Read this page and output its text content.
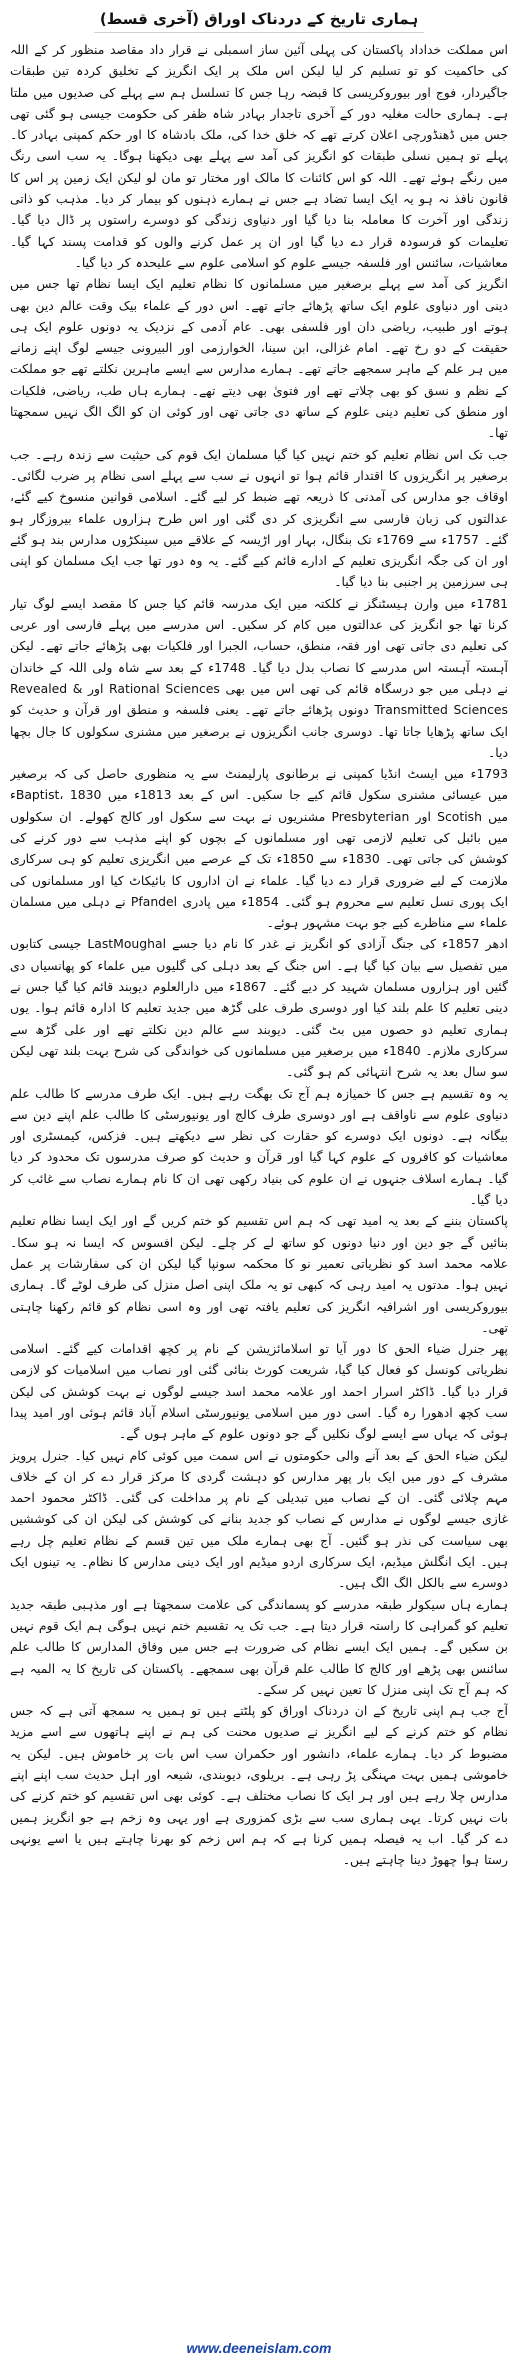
ہماری تاریخ کے دردناک اوراق (آخری قسط)

اس مملکت خداداد پاکستان کی پہلی آئین ساز اسمبلی نے قرار داد مقاصد منظور کر کے اللہ کی حاکمیت کو تو تسلیم کر لیا لیکن اس ملک پر ایک انگریز کے تخلیق کردہ تین طبقات جاگیردار، فوج اور بیوروکریسی کا قبضہ رہا جس کا تسلسل ہم سے پہلے کی صدیوں میں ملتا ہے۔ ہماری حالت مغلیہ دور کے آخری تاجدار بہادر شاہ ظفر کی حکومت جیسی ہو گئی تھی جس میں ڈھنڈورچی اعلان کرتے تھے کہ خلق خدا کی، ملک بادشاہ کا اور حکم کمپنی بہادر کا۔ پہلے تو ہمیں نسلی طبقات کو انگریز کی آمد سے پہلے بھی دیکھنا ہوگا۔ یہ سب اسی رنگ میں رنگے ہوئے تھے۔ اللہ کو اس کائنات کا مالک اور مختار تو مان لو لیکن ایک زمین پر اس کا قانون نافذ نہ ہو یہ ایک ایسا تضاد ہے جس نے ہمارے ذہنوں کو بیمار کر دیا۔ مذہب کو ذاتی زندگی اور آخرت کا معاملہ بنا دیا گیا اور دنیاوی زندگی کو دوسرے راستوں پر ڈال دیا گیا۔ تعلیمات کو فرسودہ قرار دے دیا گیا اور ان پر عمل کرنے والوں کو قدامت پسند کہا گیا۔ معاشیات، سائنس اور فلسفہ جیسے علوم کو اسلامی علوم سے علیحدہ کر دیا گیا۔

انگریز کی آمد سے پہلے برصغیر میں مسلمانوں کا نظام تعلیم ایک ایسا نظام تھا جس میں دینی اور دنیاوی علوم ایک ساتھ پڑھائے جاتے تھے۔ اس دور کے علماء بیک وقت عالم دین بھی ہوتے اور طبیب، ریاضی دان اور فلسفی بھی۔ عام آدمی کے نزدیک یہ دونوں علوم ایک ہی حقیقت کے دو رخ تھے۔ امام غزالی، ابن سینا، الخوارزمی اور البیرونی جیسے لوگ اپنے زمانے میں ہر علم کے ماہر سمجھے جاتے تھے۔ ہمارے مدارس سے ایسے ماہرین نکلتے تھے جو مملکت کے نظم و نسق کو بھی چلاتے تھے اور فتویٰ بھی دیتے تھے۔ ہمارے ہاں طب، ریاضی، فلکیات اور منطق کی تعلیم دینی علوم کے ساتھ دی جاتی تھی اور کوئی ان کو الگ الگ نہیں سمجھتا تھا۔

جب تک اس نظام تعلیم کو ختم نہیں کیا گیا مسلمان ایک قوم کی حیثیت سے زندہ رہے۔ جب برصغیر پر انگریزوں کا اقتدار قائم ہوا تو انہوں نے سب سے پہلے اسی نظام پر ضرب لگائی۔ اوقاف جو مدارس کی آمدنی کا ذریعہ تھے ضبط کر لیے گئے۔ اسلامی قوانین منسوخ کیے گئے، عدالتوں کی زبان فارسی سے انگریزی کر دی گئی اور اس طرح ہزاروں علماء بیروزگار ہو گئے۔ 1757ء سے 1769ء تک بنگال، بہار اور اڑیسہ کے علاقے میں سینکڑوں مدارس بند ہو گئے اور ان کی جگہ انگریزی تعلیم کے ادارے قائم کیے گئے۔ یہ وہ دور تھا جب ایک مسلمان کو اپنی ہی سرزمین پر اجنبی بنا دیا گیا۔

1781ء میں وارن ہیسٹنگز نے کلکتہ میں ایک مدرسہ قائم کیا جس کا مقصد ایسے لوگ تیار کرنا تھا جو انگریز کی عدالتوں میں کام کر سکیں۔ اس مدرسے میں پہلے فارسی اور عربی کی تعلیم دی جاتی تھی اور فقہ، منطق، حساب، الجبرا اور فلکیات بھی پڑھائے جاتے تھے۔ لیکن آہستہ آہستہ اس مدرسے کا نصاب بدل دیا گیا۔ 1748ء کے بعد سے شاہ ولی اللہ کے خاندان نے دہلی میں جو درسگاہ قائم کی تھی اس میں بھی Rational Sciences اور Revealed & Transmitted Sciences دونوں پڑھائے جاتے تھے۔ یعنی فلسفہ و منطق اور قرآن و حدیث کو ایک ساتھ پڑھایا جاتا تھا۔ دوسری جانب انگریزوں نے برصغیر میں مشنری سکولوں کا جال بچھا دیا۔

1793ء میں ایسٹ انڈیا کمپنی نے برطانوی پارلیمنٹ سے یہ منظوری حاصل کی کہ برصغیر میں عیسائی مشنری سکول قائم کیے جا سکیں۔ اس کے بعد 1813ء میں Baptist، 1830ء میں Scotish اور Presbyterian مشنریوں نے بہت سے سکول اور کالج کھولے۔ ان سکولوں میں بائبل کی تعلیم لازمی تھی اور مسلمانوں کے بچوں کو اپنے مذہب سے دور کرنے کی کوشش کی جاتی تھی۔ 1830ء سے 1850ء تک کے عرصے میں انگریزی تعلیم کو ہی سرکاری ملازمت کے لیے ضروری قرار دے دیا گیا۔ علماء نے ان اداروں کا بائیکاٹ کیا اور مسلمانوں کی ایک پوری نسل تعلیم سے محروم ہو گئی۔ 1854ء میں پادری Pfandel نے دہلی میں مسلمان علماء سے مناظرے کیے جو بہت مشہور ہوئے۔

ادھر 1857ء کی جنگ آزادی کو انگریز نے غدر کا نام دیا جسے LastMoughal جیسی کتابوں میں تفصیل سے بیان کیا گیا ہے۔ اس جنگ کے بعد دہلی کی گلیوں میں علماء کو پھانسیاں دی گئیں اور ہزاروں مسلمان شہید کر دیے گئے۔ 1867ء میں دارالعلوم دیوبند قائم کیا گیا جس نے دینی تعلیم کا علم بلند کیا اور دوسری طرف علی گڑھ میں جدید تعلیم کا ادارہ قائم ہوا۔ یوں ہماری تعلیم دو حصوں میں بٹ گئی۔ دیوبند سے عالم دین نکلتے تھے اور علی گڑھ سے سرکاری ملازم۔ 1840ء میں برصغیر میں مسلمانوں کی خواندگی کی شرح بہت بلند تھی لیکن سو سال بعد یہ شرح انتہائی کم ہو گئی۔

یہ وہ تقسیم ہے جس کا خمیازہ ہم آج تک بھگت رہے ہیں۔ ایک طرف مدرسے کا طالب علم دنیاوی علوم سے ناواقف ہے اور دوسری طرف کالج اور یونیورسٹی کا طالب علم اپنے دین سے بیگانہ ہے۔ دونوں ایک دوسرے کو حقارت کی نظر سے دیکھتے ہیں۔ فزکس، کیمسٹری اور معاشیات کو کافروں کے علوم کہا گیا اور قرآن و حدیث کو صرف مدرسوں تک محدود کر دیا گیا۔ ہمارے اسلاف جنہوں نے ان علوم کی بنیاد رکھی تھی ان کا نام ہمارے نصاب سے غائب کر دیا گیا۔

پاکستان بننے کے بعد یہ امید تھی کہ ہم اس تقسیم کو ختم کریں گے اور ایک ایسا نظام تعلیم بنائیں گے جو دین اور دنیا دونوں کو ساتھ لے کر چلے۔ لیکن افسوس کہ ایسا نہ ہو سکا۔ علامہ محمد اسد کو نظریاتی تعمیر نو کا محکمہ سونپا گیا لیکن ان کی سفارشات پر عمل نہیں ہوا۔ مدتوں یہ امید رہی کہ کبھی تو یہ ملک اپنی اصل منزل کی طرف لوٹے گا۔ ہماری بیوروکریسی اور اشرافیہ انگریز کی تعلیم یافتہ تھی اور وہ اسی نظام کو قائم رکھنا چاہتی تھی۔

پھر جنرل ضیاء الحق کا دور آیا تو اسلامائزیشن کے نام پر کچھ اقدامات کیے گئے۔ اسلامی نظریاتی کونسل کو فعال کیا گیا، شریعت کورٹ بنائی گئی اور نصاب میں اسلامیات کو لازمی قرار دیا گیا۔ ڈاکٹر اسرار احمد اور علامہ محمد اسد جیسے لوگوں نے بہت کوشش کی لیکن سب کچھ ادھورا رہ گیا۔ اسی دور میں اسلامی یونیورسٹی اسلام آباد قائم ہوئی اور امید پیدا ہوئی کہ یہاں سے ایسے لوگ نکلیں گے جو دونوں علوم کے ماہر ہوں گے۔

لیکن ضیاء الحق کے بعد آنے والی حکومتوں نے اس سمت میں کوئی کام نہیں کیا۔ جنرل پرویز مشرف کے دور میں ایک بار پھر مدارس کو دہشت گردی کا مرکز قرار دے کر ان کے خلاف مہم چلائی گئی۔ ان کے نصاب میں تبدیلی کے نام پر مداخلت کی گئی۔ ڈاکٹر محمود احمد غازی جیسے لوگوں نے مدارس کے نصاب کو جدید بنانے کی کوشش کی لیکن ان کی کوششیں بھی سیاست کی نذر ہو گئیں۔ آج بھی ہمارے ملک میں تین قسم کے نظام تعلیم چل رہے ہیں۔ ایک انگلش میڈیم، ایک سرکاری اردو میڈیم اور ایک دینی مدارس کا نظام۔ یہ تینوں ایک دوسرے سے بالکل الگ الگ ہیں۔

ہمارے ہاں سیکولر طبقہ مدرسے کو پسماندگی کی علامت سمجھتا ہے اور مذہبی طبقہ جدید تعلیم کو گمراہی کا راستہ قرار دیتا ہے۔ جب تک یہ تقسیم ختم نہیں ہوگی ہم ایک قوم نہیں بن سکیں گے۔ ہمیں ایک ایسے نظام کی ضرورت ہے جس میں وفاق المدارس کا طالب علم سائنس بھی پڑھے اور کالج کا طالب علم قرآن بھی سمجھے۔ پاکستان کی تاریخ کا یہ المیہ ہے کہ ہم آج تک اپنی منزل کا تعین نہیں کر سکے۔

آج جب ہم اپنی تاریخ کے ان دردناک اوراق کو پلٹتے ہیں تو ہمیں یہ سمجھ آتی ہے کہ جس نظام کو ختم کرنے کے لیے انگریز نے صدیوں محنت کی ہم نے اپنے ہاتھوں سے اسے مزید مضبوط کر دیا۔ ہمارے علماء، دانشور اور حکمران سب اس بات پر خاموش ہیں۔ لیکن یہ خاموشی ہمیں بہت مہنگی پڑ رہی ہے۔ بریلوی، دیوبندی، شیعہ اور اہل حدیث سب اپنے اپنے مدارس چلا رہے ہیں اور ہر ایک کا نصاب مختلف ہے۔ کوئی بھی اس تقسیم کو ختم کرنے کی بات نہیں کرتا۔ یہی ہماری سب سے بڑی کمزوری ہے اور یہی وہ زخم ہے جو انگریز ہمیں دے کر گیا۔ اب یہ فیصلہ ہمیں کرنا ہے کہ ہم اس زخم کو بھرنا چاہتے ہیں یا اسے یونہی رستا ہوا چھوڑ دینا چاہتے ہیں۔

www.deeneislam.com
